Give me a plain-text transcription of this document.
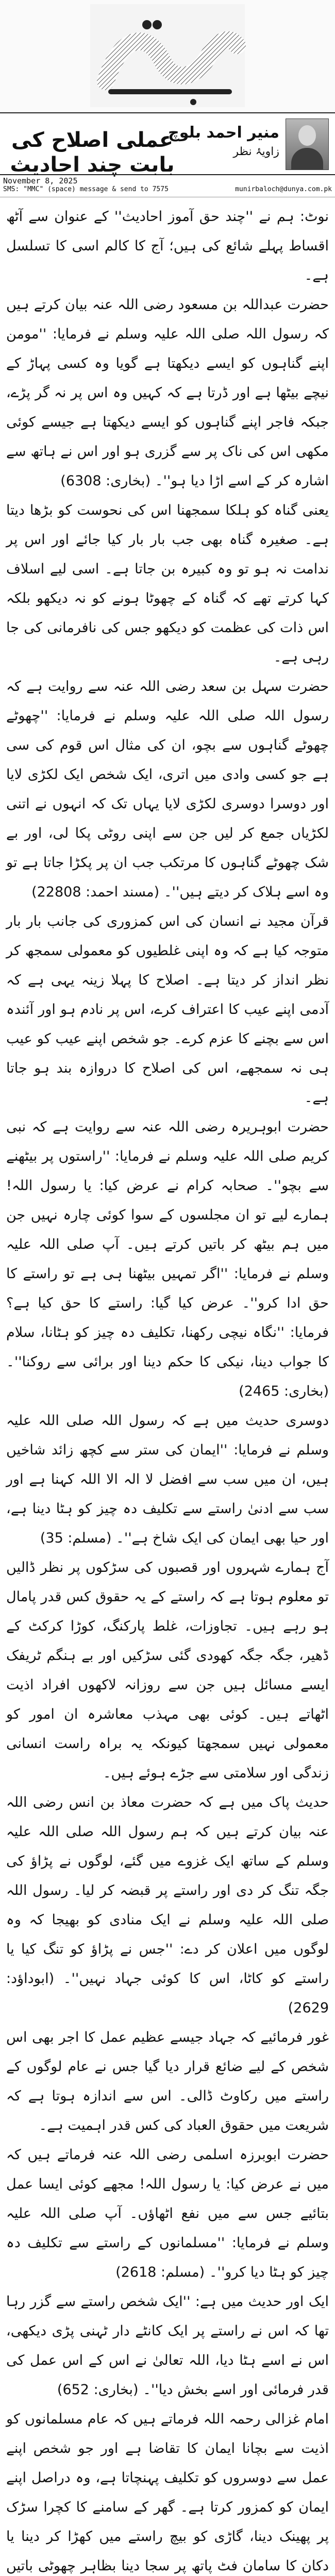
منیر احمد بلوچ
زاویۂ نظر
عملی اصلاح کی بابت چند احادیث
November 8, 2025
SMS: "MMC" (space) message & send to 7575	munirbaloch@dunya.com.pk

نوٹ: ہم نے ''چند حق آموز احادیث'' کے عنوان سے آٹھ اقساط پہلے شائع کی ہیں؛ آج کا کالم اسی کا تسلسل ہے۔

حضرت عبداللہ بن مسعود رضی اللہ عنہ بیان کرتے ہیں کہ رسول اللہ صلی اللہ علیہ وسلم نے فرمایا: ''مومن اپنے گناہوں کو ایسے دیکھتا ہے گویا وہ کسی پہاڑ کے نیچے بیٹھا ہے اور ڈرتا ہے کہ کہیں وہ اس پر نہ گر پڑے، جبکہ فاجر اپنے گناہوں کو ایسے دیکھتا ہے جیسے کوئی مکھی اس کی ناک پر سے گزری ہو اور اس نے ہاتھ سے اشارہ کر کے اسے اڑا دیا ہو''۔ (بخاری: 6308)

یعنی گناہ کو ہلکا سمجھنا اس کی نحوست کو بڑھا دیتا ہے۔ صغیرہ گناہ بھی جب بار بار کیا جائے اور اس پر ندامت نہ ہو تو وہ کبیرہ بن جاتا ہے۔ اسی لیے اسلاف کہا کرتے تھے کہ گناہ کے چھوٹا ہونے کو نہ دیکھو بلکہ اس ذات کی عظمت کو دیکھو جس کی نافرمانی کی جا رہی ہے۔

حضرت سہل بن سعد رضی اللہ عنہ سے روایت ہے کہ رسول اللہ صلی اللہ علیہ وسلم نے فرمایا: ''چھوٹے چھوٹے گناہوں سے بچو، ان کی مثال اس قوم کی سی ہے جو کسی وادی میں اتری، ایک شخص ایک لکڑی لایا اور دوسرا دوسری لکڑی لایا یہاں تک کہ انہوں نے اتنی لکڑیاں جمع کر لیں جن سے اپنی روٹی پکا لی، اور بے شک چھوٹے گناہوں کا مرتکب جب ان پر پکڑا جاتا ہے تو وہ اسے ہلاک کر دیتے ہیں''۔ (مسند احمد: 22808)

قرآن مجید نے انسان کی اس کمزوری کی جانب بار بار متوجہ کیا ہے کہ وہ اپنی غلطیوں کو معمولی سمجھ کر نظر انداز کر دیتا ہے۔ اصلاح کا پہلا زینہ یہی ہے کہ آدمی اپنے عیب کا اعتراف کرے، اس پر نادم ہو اور آئندہ اس سے بچنے کا عزم کرے۔ جو شخص اپنے عیب کو عیب ہی نہ سمجھے، اس کی اصلاح کا دروازہ بند ہو جاتا ہے۔

حضرت ابوہریرہ رضی اللہ عنہ سے روایت ہے کہ نبی کریم صلی اللہ علیہ وسلم نے فرمایا: ''راستوں پر بیٹھنے سے بچو''۔ صحابہ کرام نے عرض کیا: یا رسول اللہ! ہمارے لیے تو ان مجلسوں کے سوا کوئی چارہ نہیں جن میں ہم بیٹھ کر باتیں کرتے ہیں۔ آپ صلی اللہ علیہ وسلم نے فرمایا: ''اگر تمہیں بیٹھنا ہی ہے تو راستے کا حق ادا کرو''۔ عرض کیا گیا: راستے کا حق کیا ہے؟ فرمایا: ''نگاہ نیچی رکھنا، تکلیف دہ چیز کو ہٹانا، سلام کا جواب دینا، نیکی کا حکم دینا اور برائی سے روکنا''۔ (بخاری: 2465)

دوسری حدیث میں ہے کہ رسول اللہ صلی اللہ علیہ وسلم نے فرمایا: ''ایمان کی ستر سے کچھ زائد شاخیں ہیں، ان میں سب سے افضل لا الہ الا اللہ کہنا ہے اور سب سے ادنیٰ راستے سے تکلیف دہ چیز کو ہٹا دینا ہے، اور حیا بھی ایمان کی ایک شاخ ہے''۔ (مسلم: 35)

آج ہمارے شہروں اور قصبوں کی سڑکوں پر نظر ڈالیں تو معلوم ہوتا ہے کہ راستے کے یہ حقوق کس قدر پامال ہو رہے ہیں۔ تجاوزات، غلط پارکنگ، کوڑا کرکٹ کے ڈھیر، جگہ جگہ کھودی گئی سڑکیں اور بے ہنگم ٹریفک ایسے مسائل ہیں جن سے روزانہ لاکھوں افراد اذیت اٹھاتے ہیں۔ کوئی بھی مہذب معاشرہ ان امور کو معمولی نہیں سمجھتا کیونکہ یہ براہ راست انسانی زندگی اور سلامتی سے جڑے ہوئے ہیں۔

حدیث پاک میں ہے کہ حضرت معاذ بن انس رضی اللہ عنہ بیان کرتے ہیں کہ ہم رسول اللہ صلی اللہ علیہ وسلم کے ساتھ ایک غزوے میں گئے، لوگوں نے پڑاؤ کی جگہ تنگ کر دی اور راستے پر قبضہ کر لیا۔ رسول اللہ صلی اللہ علیہ وسلم نے ایک منادی کو بھیجا کہ وہ لوگوں میں اعلان کر دے: ''جس نے پڑاؤ کو تنگ کیا یا راستے کو کاٹا، اس کا کوئی جہاد نہیں''۔ (ابوداؤد: 2629)

غور فرمائیے کہ جہاد جیسے عظیم عمل کا اجر بھی اس شخص کے لیے ضائع قرار دیا گیا جس نے عام لوگوں کے راستے میں رکاوٹ ڈالی۔ اس سے اندازہ ہوتا ہے کہ شریعت میں حقوق العباد کی کس قدر اہمیت ہے۔

حضرت ابوبرزہ اسلمی رضی اللہ عنہ فرماتے ہیں کہ میں نے عرض کیا: یا رسول اللہ! مجھے کوئی ایسا عمل بتائیے جس سے میں نفع اٹھاؤں۔ آپ صلی اللہ علیہ وسلم نے فرمایا: ''مسلمانوں کے راستے سے تکلیف دہ چیز کو ہٹا دیا کرو''۔ (مسلم: 2618)

ایک اور حدیث میں ہے: ''ایک شخص راستے سے گزر رہا تھا کہ اس نے راستے پر ایک کانٹے دار ٹہنی پڑی دیکھی، اس نے اسے ہٹا دیا، اللہ تعالیٰ نے اس کے اس عمل کی قدر فرمائی اور اسے بخش دیا''۔ (بخاری: 652)

امام غزالی رحمہ اللہ فرماتے ہیں کہ عام مسلمانوں کو اذیت سے بچانا ایمان کا تقاضا ہے اور جو شخص اپنے عمل سے دوسروں کو تکلیف پہنچاتا ہے، وہ دراصل اپنے ایمان کو کمزور کرتا ہے۔ گھر کے سامنے کا کچرا سڑک پر پھینک دینا، گاڑی کو بیچ راستے میں کھڑا کر دینا یا دکان کا سامان فٹ پاتھ پر سجا دینا بظاہر چھوٹی باتیں
